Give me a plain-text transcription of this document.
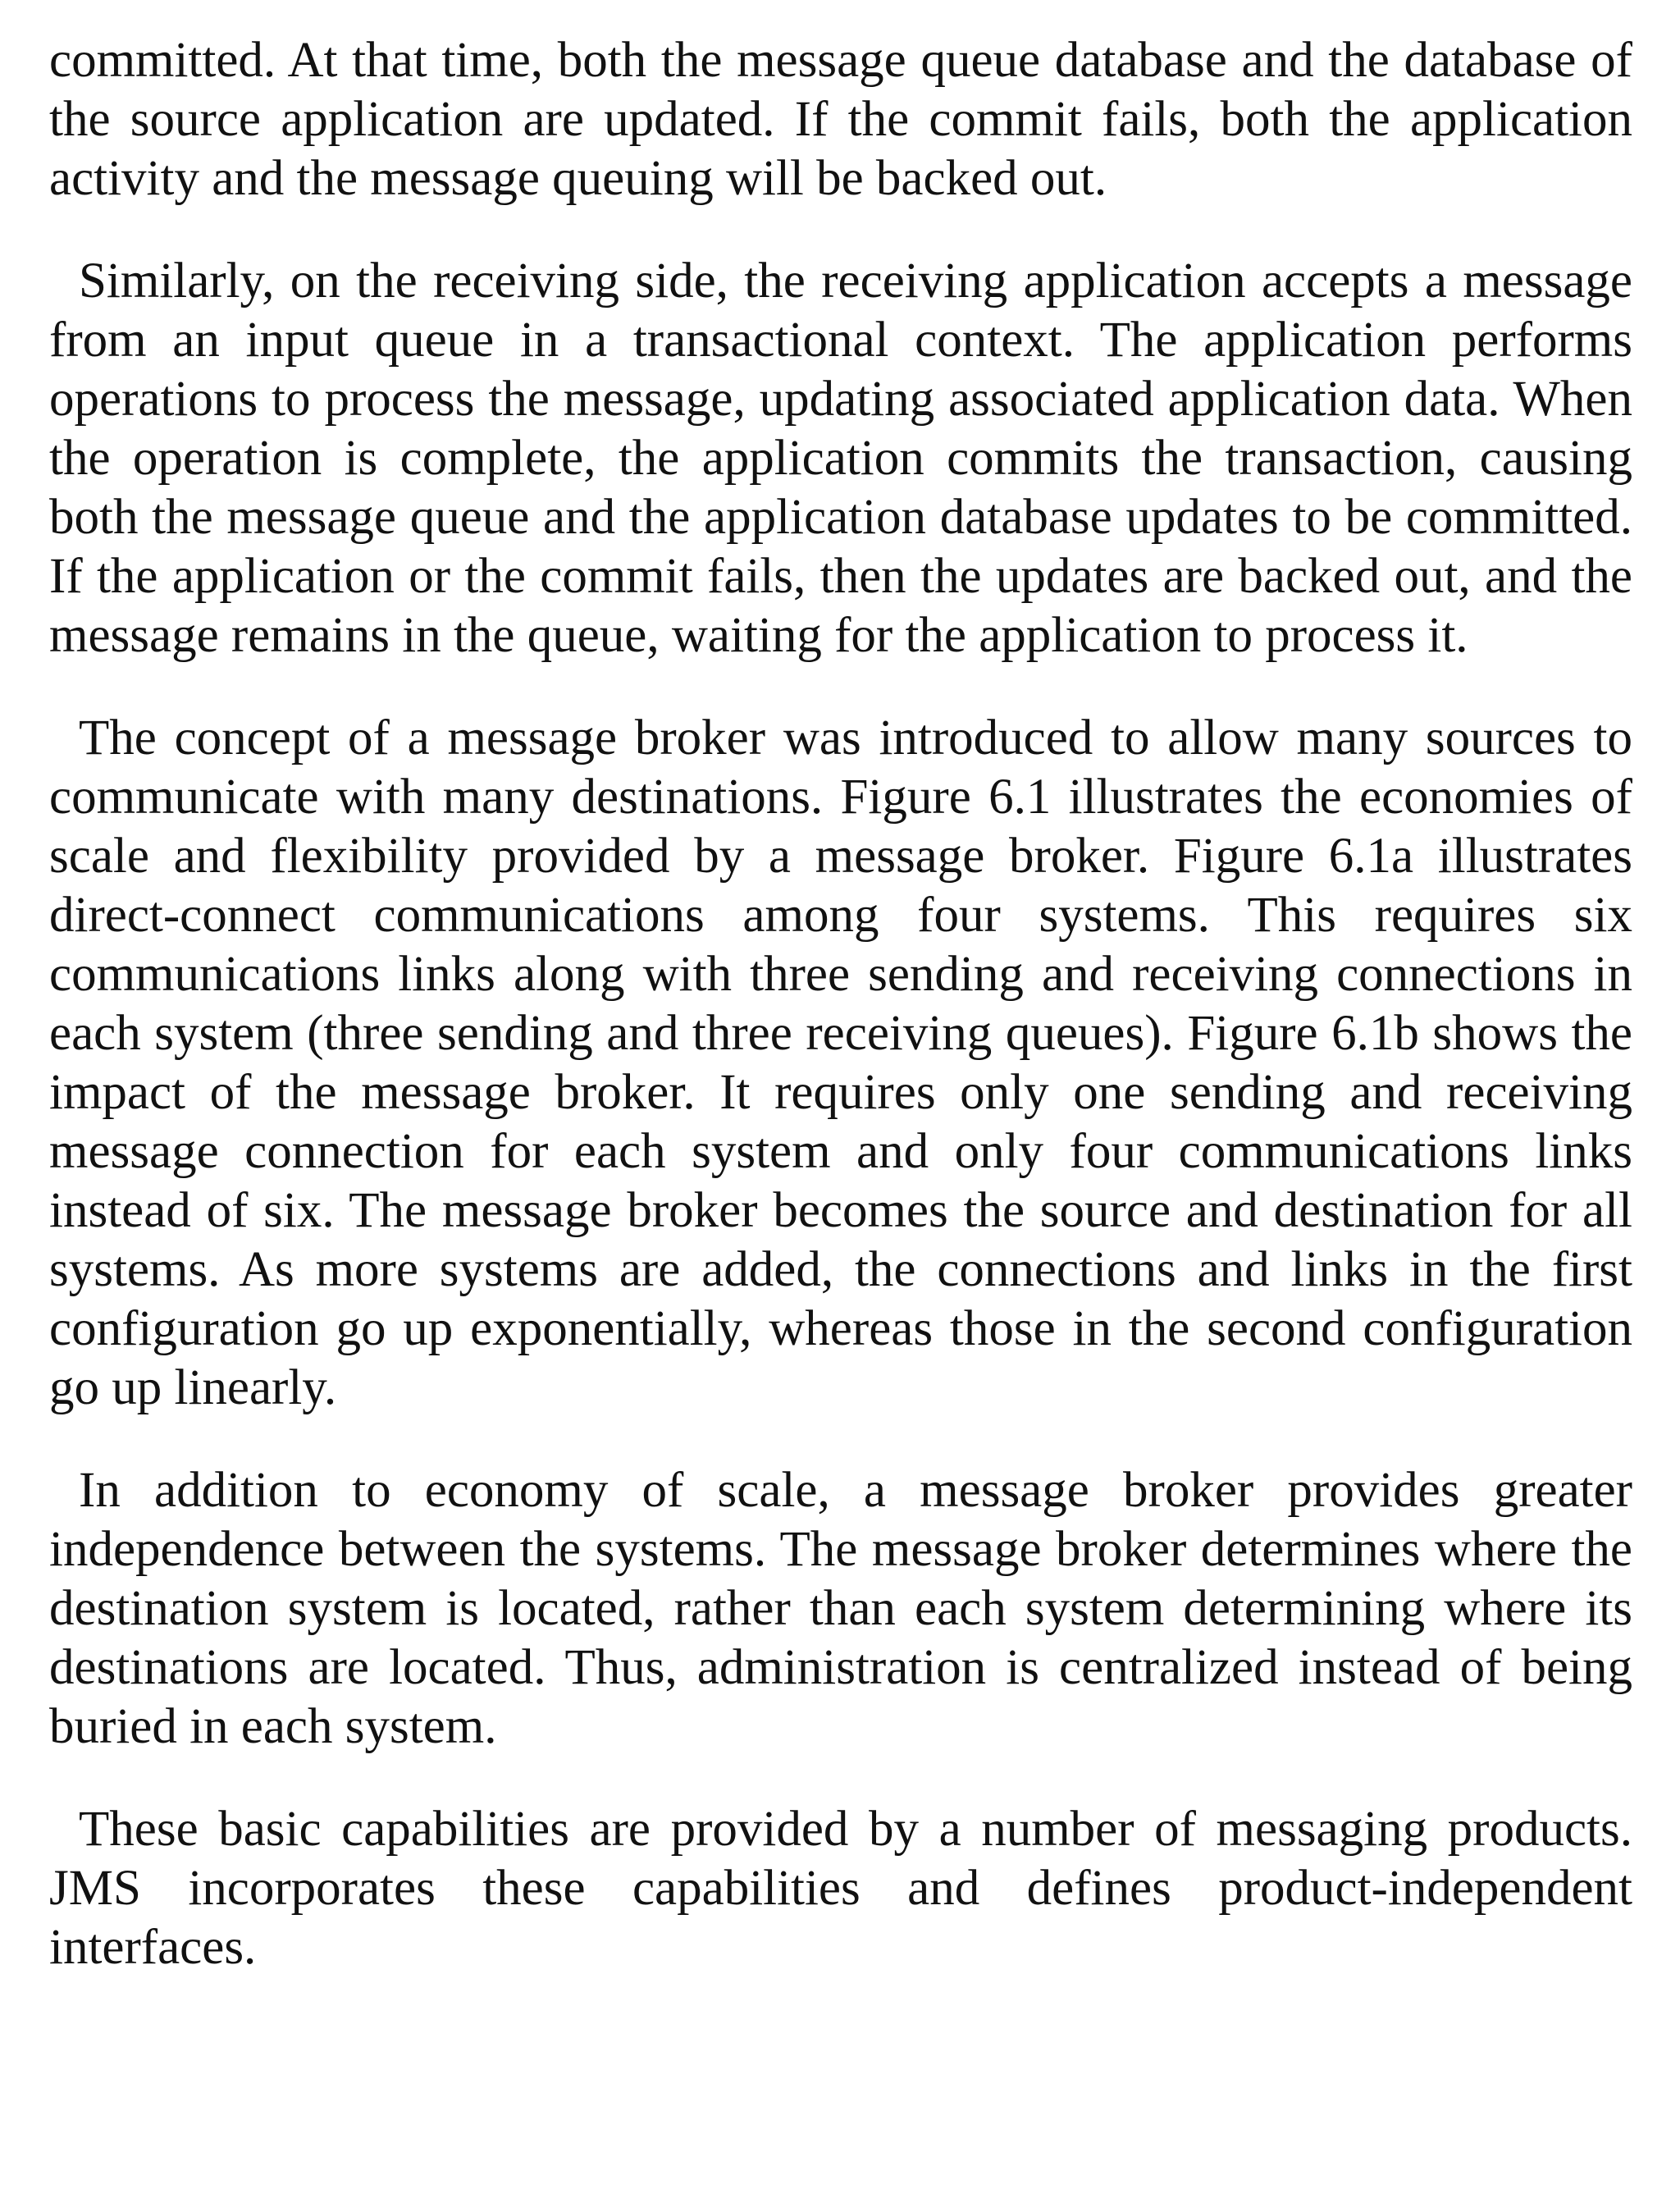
committed. At that time, both the message queue database and the database of the source application are updated. If the commit fails, both the application activity and the message queuing will be backed out.

Similarly, on the receiving side, the receiving application accepts a message from an input queue in a transactional context. The application performs operations to process the message, updating associated application data. When the operation is complete, the application commits the transaction, causing both the message queue and the application database updates to be committed. If the application or the commit fails, then the updates are backed out, and the message remains in the queue, waiting for the application to process it.

The concept of a message broker was introduced to allow many sources to communicate with many destinations. Figure 6.1 illustrates the economies of scale and flexibility provided by a message broker. Figure 6.1a illustrates direct-connect communications among four systems. This requires six communications links along with three sending and receiving connections in each system (three sending and three receiving queues). Figure 6.1b shows the impact of the message broker. It requires only one sending and receiving message connection for each system and only four communications links instead of six. The message broker becomes the source and destination for all systems. As more systems are added, the connections and links in the first configuration go up exponentially, whereas those in the second configuration go up linearly.

In addition to economy of scale, a message broker provides greater independence between the systems. The message broker determines where the destination system is located, rather than each system determining where its destinations are located. Thus, administration is centralized instead of being buried in each system.

These basic capabilities are provided by a number of messaging products. JMS incorporates these capabilities and defines product-independent interfaces.
